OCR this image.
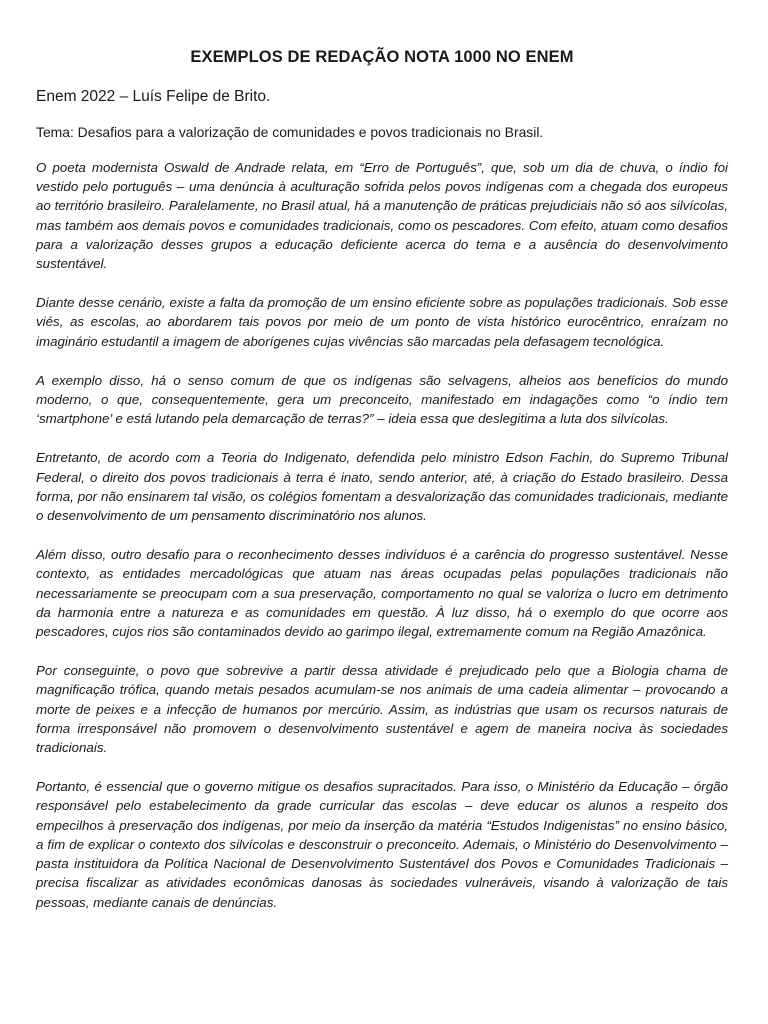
EXEMPLOS DE REDAÇÃO NOTA 1000 NO ENEM
Enem 2022 – Luís Felipe de Brito.
Tema: Desafios para a valorização de comunidades e povos tradicionais no Brasil.

O poeta modernista Oswald de Andrade relata, em “Erro de Português”, que, sob um dia de chuva, o índio foi vestido pelo português – uma denúncia à aculturação sofrida pelos povos indígenas com a chegada dos europeus ao território brasileiro. Paralelamente, no Brasil atual, há a manutenção de práticas prejudiciais não só aos silvícolas, mas também aos demais povos e comunidades tradicionais, como os pescadores. Com efeito, atuam como desafios para a valorização desses grupos a educação deficiente acerca do tema e a ausência do desenvolvimento sustentável.

Diante desse cenário, existe a falta da promoção de um ensino eficiente sobre as populações tradicionais. Sob esse viés, as escolas, ao abordarem tais povos por meio de um ponto de vista histórico eurocêntrico, enraízam no imaginário estudantil a imagem de aborígenes cujas vivências são marcadas pela defasagem tecnológica.

A exemplo disso, há o senso comum de que os indígenas são selvagens, alheios aos benefícios do mundo moderno, o que, consequentemente, gera um preconceito, manifestado em indagações como “o índio tem ‘smartphone’ e está lutando pela demarcação de terras?” – ideia essa que deslegitima a luta dos silvícolas.

Entretanto, de acordo com a Teoria do Indigenato, defendida pelo ministro Edson Fachin, do Supremo Tribunal Federal, o direito dos povos tradicionais à terra é inato, sendo anterior, até, à criação do Estado brasileiro. Dessa forma, por não ensinarem tal visão, os colégios fomentam a desvalorização das comunidades tradicionais, mediante o desenvolvimento de um pensamento discriminatório nos alunos.

Além disso, outro desafio para o reconhecimento desses indivíduos é a carência do progresso sustentável. Nesse contexto, as entidades mercadológicas que atuam nas áreas ocupadas pelas populações tradicionais não necessariamente se preocupam com a sua preservação, comportamento no qual se valoriza o lucro em detrimento da harmonia entre a natureza e as comunidades em questão. À luz disso, há o exemplo do que ocorre aos pescadores, cujos rios são contaminados devido ao garimpo ilegal, extremamente comum na Região Amazônica.

Por conseguinte, o povo que sobrevive a partir dessa atividade é prejudicado pelo que a Biologia chama de magnificação trófica, quando metais pesados acumulam-se nos animais de uma cadeia alimentar – provocando a morte de peixes e a infecção de humanos por mercúrio. Assim, as indústrias que usam os recursos naturais de forma irresponsável não promovem o desenvolvimento sustentável e agem de maneira nociva às sociedades tradicionais.

Portanto, é essencial que o governo mitigue os desafios supracitados. Para isso, o Ministério da Educação – órgão responsável pelo estabelecimento da grade curricular das escolas – deve educar os alunos a respeito dos empecilhos à preservação dos indígenas, por meio da inserção da matéria “Estudos Indigenistas” no ensino básico, a fim de explicar o contexto dos silvícolas e desconstruir o preconceito. Ademais, o Ministério do Desenvolvimento – pasta instituidora da Política Nacional de Desenvolvimento Sustentável dos Povos e Comunidades Tradicionais – precisa fiscalizar as atividades econômicas danosas às sociedades vulneráveis, visando à valorização de tais pessoas, mediante canais de denúncias.
